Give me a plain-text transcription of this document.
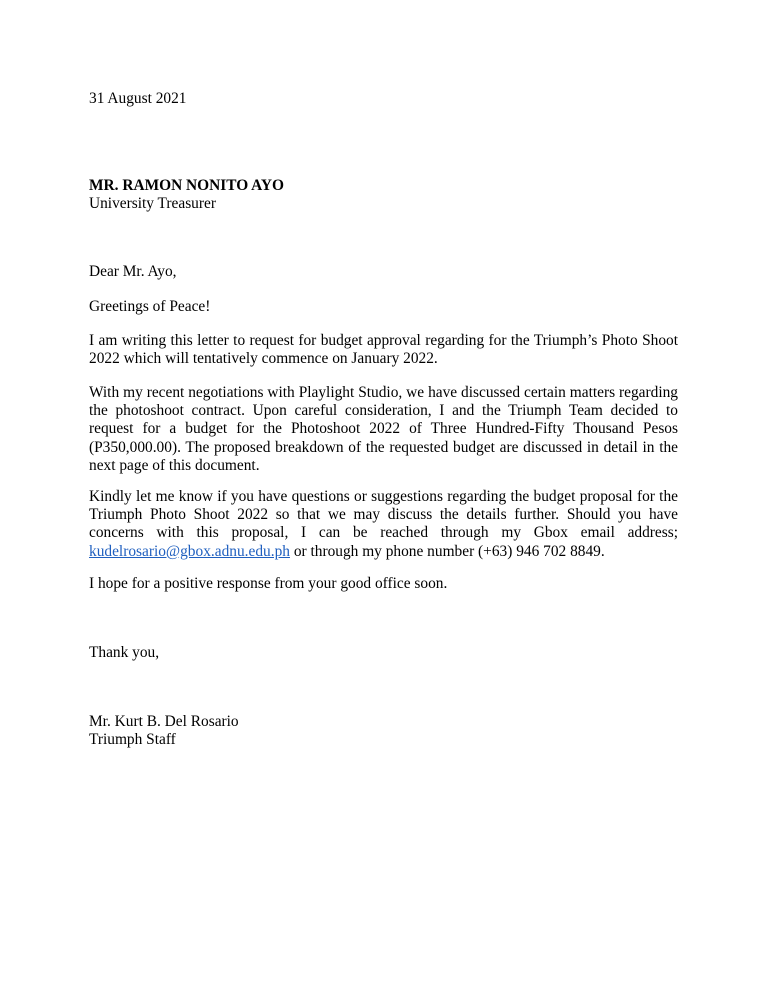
31 August 2021
MR. RAMON NONITO AYO
University Treasurer
Dear Mr. Ayo,
Greetings of Peace!

I am writing this letter to request for budget approval regarding for the Triumph’s Photo Shoot 2022 which will tentatively commence on January 2022.

With my recent negotiations with Playlight Studio, we have discussed certain matters regarding the photoshoot contract. Upon careful consideration, I and the Triumph Team decided to request for a budget for the Photoshoot 2022 of Three Hundred-Fifty Thousand Pesos (P350,000.00). The proposed breakdown of the requested budget are discussed in detail in the next page of this document.

Kindly let me know if you have questions or suggestions regarding the budget proposal for the Triumph Photo Shoot 2022 so that we may discuss the details further. Should you have concerns with this proposal, I can be reached through my Gbox email address; kudelrosario@gbox.adnu.edu.ph or through my phone number (+63) 946 702 8849.

I hope for a positive response from your good office soon.

Thank you,
Mr. Kurt B. Del Rosario
Triumph Staff
